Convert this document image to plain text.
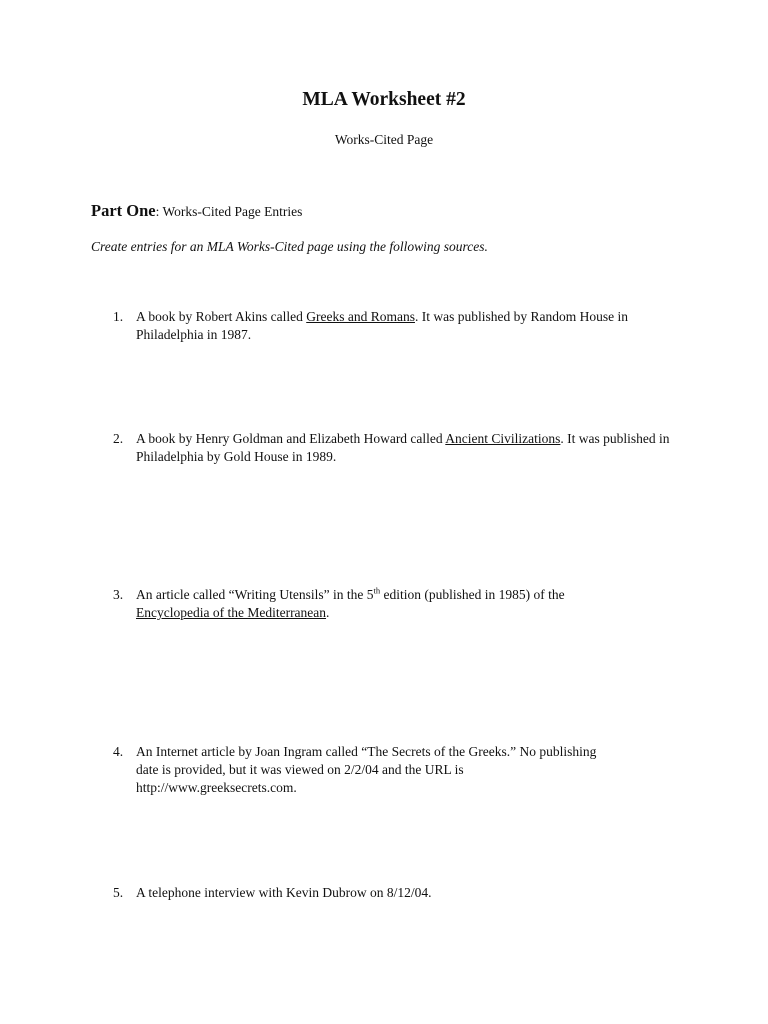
MLA Worksheet #2
Works-Cited Page
Part One: Works-Cited Page Entries
Create entries for an MLA Works-Cited page using the following sources.
1. A book by Robert Akins called Greeks and Romans. It was published by Random House in Philadelphia in 1987.
2. A book by Henry Goldman and Elizabeth Howard called Ancient Civilizations. It was published in Philadelphia by Gold House in 1989.
3. An article called “Writing Utensils” in the 5th edition (published in 1985) of the
Encyclopedia of the Mediterranean.
4. An Internet article by Joan Ingram called “The Secrets of the Greeks.” No publishing
date is provided, but it was viewed on 2/2/04 and the URL is
http://www.greeksecrets.com.
5. A telephone interview with Kevin Dubrow on 8/12/04.
